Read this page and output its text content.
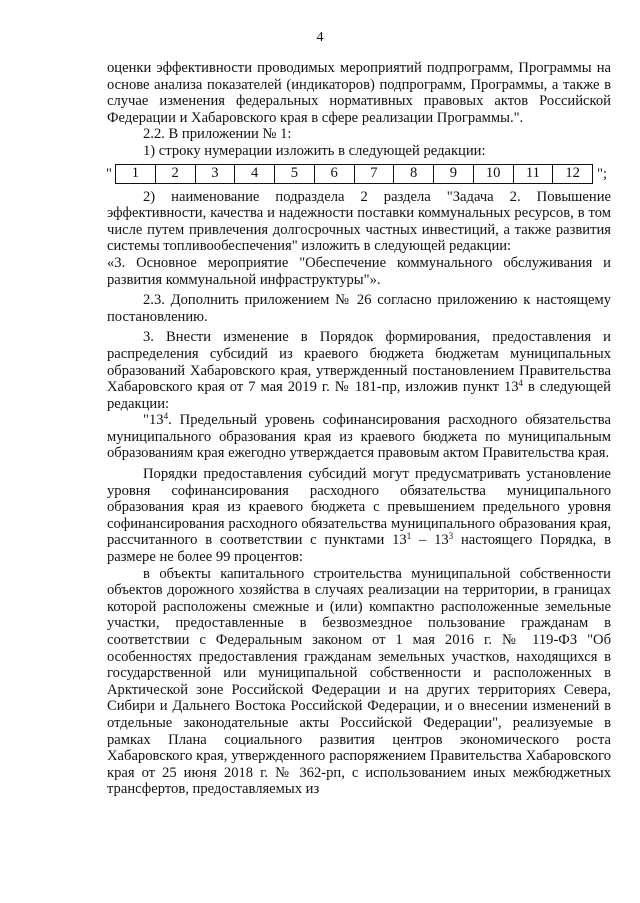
4

оценки эффективности проводимых мероприятий подпрограмм, Программы на основе анализа показателей (индикаторов) подпрограмм, Программы, а также в случае изменения федеральных нормативных правовых актов Российской Федерации и Хабаровского края в сфере реализации Программы.".

2.2. В приложении № 1:

1) строку нумерации изложить в следующей редакции:

" 1	2	3	4	5	6	7	8	9	10	11	12 ";

2) наименование подраздела 2 раздела "Задача 2. Повышение эффективности, качества и надежности поставки коммунальных ресурсов, в том числе путем привлечения долгосрочных частных инвестиций, а также развития системы топливообеспечения" изложить в следующей редакции:

«3. Основное мероприятие "Обеспечение коммунального обслуживания и развития коммунальной инфраструктуры"».

2.3. Дополнить приложением № 26 согласно приложению к настоящему постановлению.

3. Внести изменение в Порядок формирования, предоставления и распределения субсидий из краевого бюджета бюджетам муниципальных образований Хабаровского края, утвержденный постановлением Правительства Хабаровского края от 7 мая 2019 г. № 181-пр, изложив пункт $13^4$ в следующей редакции:

"$13^4$. Предельный уровень софинансирования расходного обязательства муниципального образования края из краевого бюджета по муниципальным образованиям края ежегодно утверждается правовым актом Правительства края.

Порядки предоставления субсидий могут предусматривать установление уровня софинансирования расходного обязательства муниципального образования края из краевого бюджета с превышением предельного уровня софинансирования расходного обязательства муниципального образования края, рассчитанного в соответствии с пунктами $13^1 - 13^3$ настоящего Порядка, в размере не более 99 процентов:

в объекты капитального строительства муниципальной собственности объектов дорожного хозяйства в случаях реализации на территории, в границах которой расположены смежные и (или) компактно расположенные земельные участки, предоставленные в безвозмездное пользование гражданам в соответствии с Федеральным законом от 1 мая 2016 г. № 119-ФЗ "Об особенностях предоставления гражданам земельных участков, находящихся в государственной или муниципальной собственности и расположенных в Арктической зоне Российской Федерации и на других территориях Севера, Сибири и Дальнего Востока Российской Федерации, и о внесении изменений в отдельные законодательные акты Российской Федерации", реализуемые в рамках Плана социального развития центров экономического роста Хабаровского края, утвержденного распоряжением Правительства Хабаровского края от 25 июня 2018 г. № 362-рп, с использованием иных межбюджетных трансфертов, предоставляемых из
